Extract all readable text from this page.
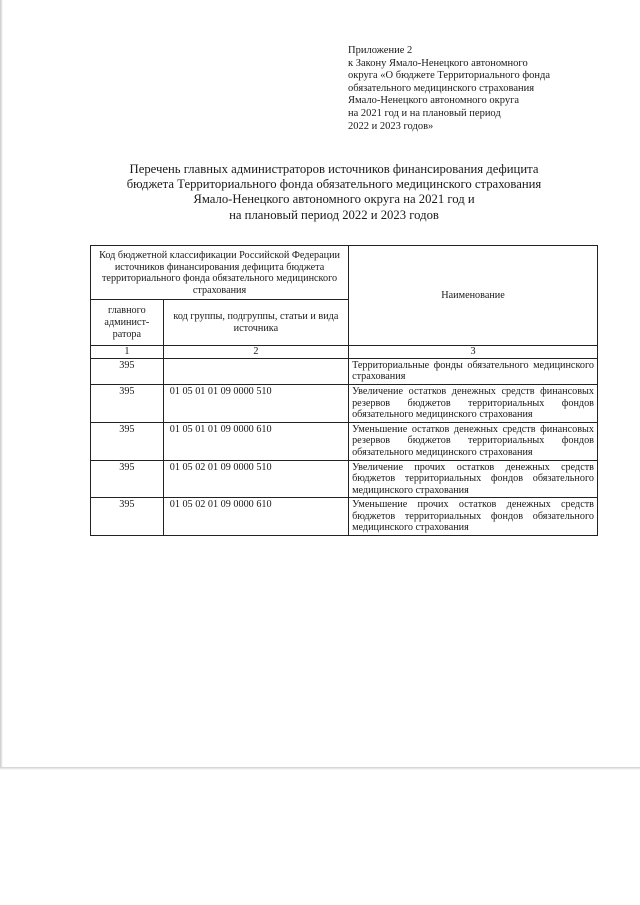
Приложение 2
к Закону Ямало-Ненецкого автономного
округа «О бюджете Территориального фонда
обязательного медицинского страхования
Ямало-Ненецкого автономного округа
на 2021 год и на плановый период
2022 и 2023 годов»
Перечень главных администраторов источников финансирования дефицита
бюджета Территориального фонда обязательного медицинского страхования
Ямало-Ненецкого автономного округа на 2021 год и
на плановый период 2022 и 2023 годов
Код бюджетной классификации Российской Федерации источников финансирования дефицита бюджета территориального фонда обязательного медицинского страхования		Наименование
главного админист-ратора	код группы, подгруппы, статьи и вида источника	
1	2	3
395		Территориальные фонды обязательного медицинского страхования
395	01 05 01 01 09 0000 510	Увеличение остатков денежных средств финансовых резервов бюджетов территориальных фондов обязательного медицинского страхования
395	01 05 01 01 09 0000 610	Уменьшение остатков денежных средств финансовых резервов бюджетов территориальных фондов обязательного медицинского страхования
395	01 05 02 01 09 0000 510	Увеличение прочих остатков денежных средств бюджетов территориальных фондов обязательного медицинского страхования
395	01 05 02 01 09 0000 610	Уменьшение прочих остатков денежных средств бюджетов территориальных фондов обязательного медицинского страхования
